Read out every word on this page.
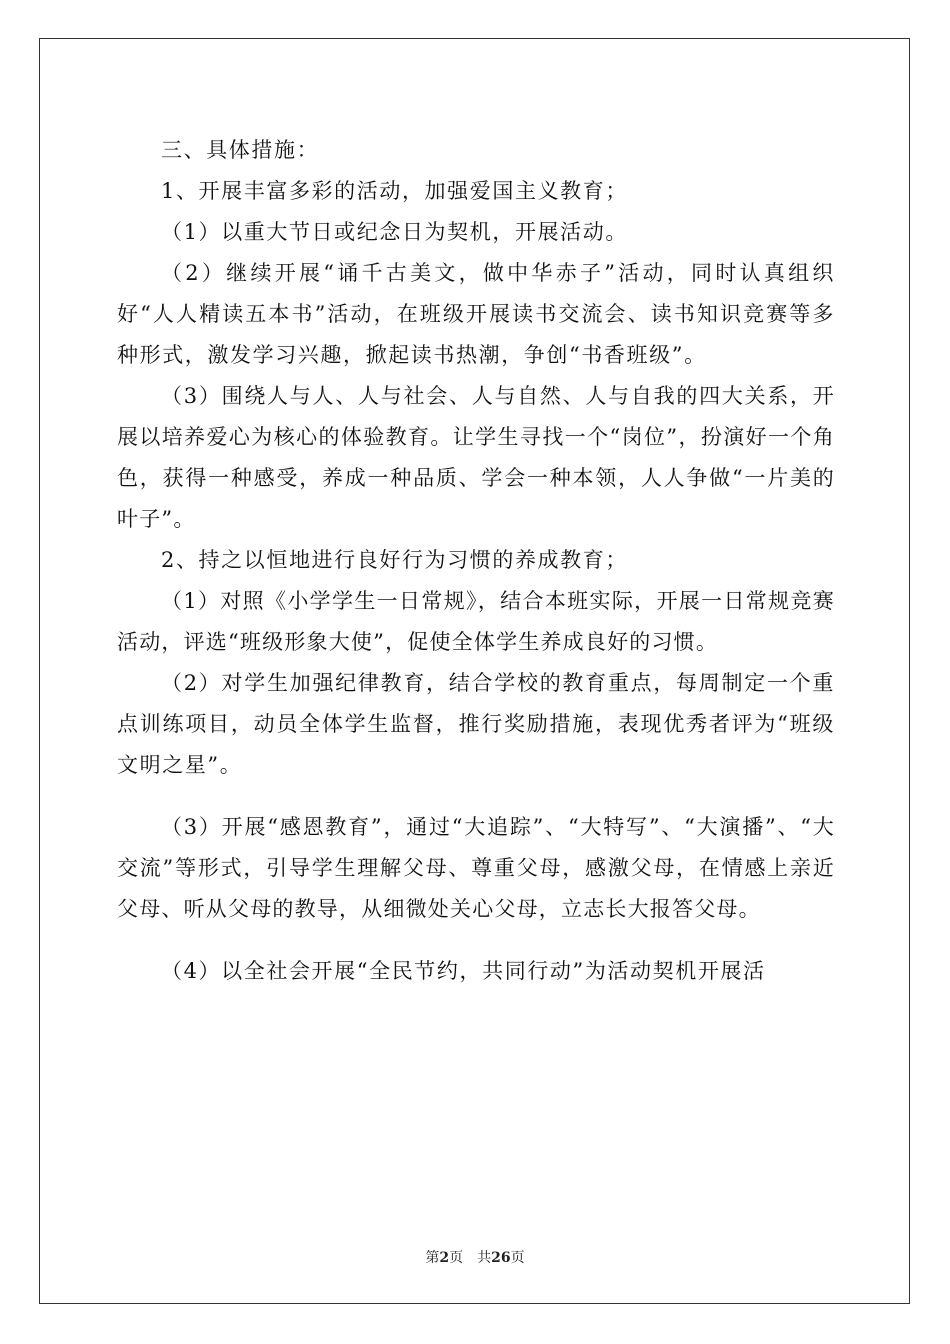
三、具体措施：

1、开展丰富多彩的活动，加强爱国主义教育；

（1）以重大节日或纪念日为契机，开展活动。

（2）继续开展“诵千古美文，做中华赤子”活动，同时认真组织好“人人精读五本书”活动，在班级开展读书交流会、读书知识竞赛等多种形式，激发学习兴趣，掀起读书热潮，争创“书香班级”。

（3）围绕人与人、人与社会、人与自然、人与自我的四大关系，开展以培养爱心为核心的体验教育。让学生寻找一个“岗位”，扮演好一个角色，获得一种感受，养成一种品质、学会一种本领，人人争做“一片美的叶子”。

2、持之以恒地进行良好行为习惯的养成教育；

（1）对照《小学学生一日常规》，结合本班实际，开展一日常规竞赛活动，评选“班级形象大使”，促使全体学生养成良好的习惯。

（2）对学生加强纪律教育，结合学校的教育重点，每周制定一个重点训练项目，动员全体学生监督，推行奖励措施，表现优秀者评为“班级文明之星”。

（3）开展“感恩教育”，通过“大追踪”、“大特写”、“大演播”、“大交流”等形式，引导学生理解父母、尊重父母，感激父母，在情感上亲近父母、听从父母的教导，从细微处关心父母，立志长大报答父母。

（4）以全社会开展“全民节约，共同行动”为活动契机开展活

第2页　共26页
